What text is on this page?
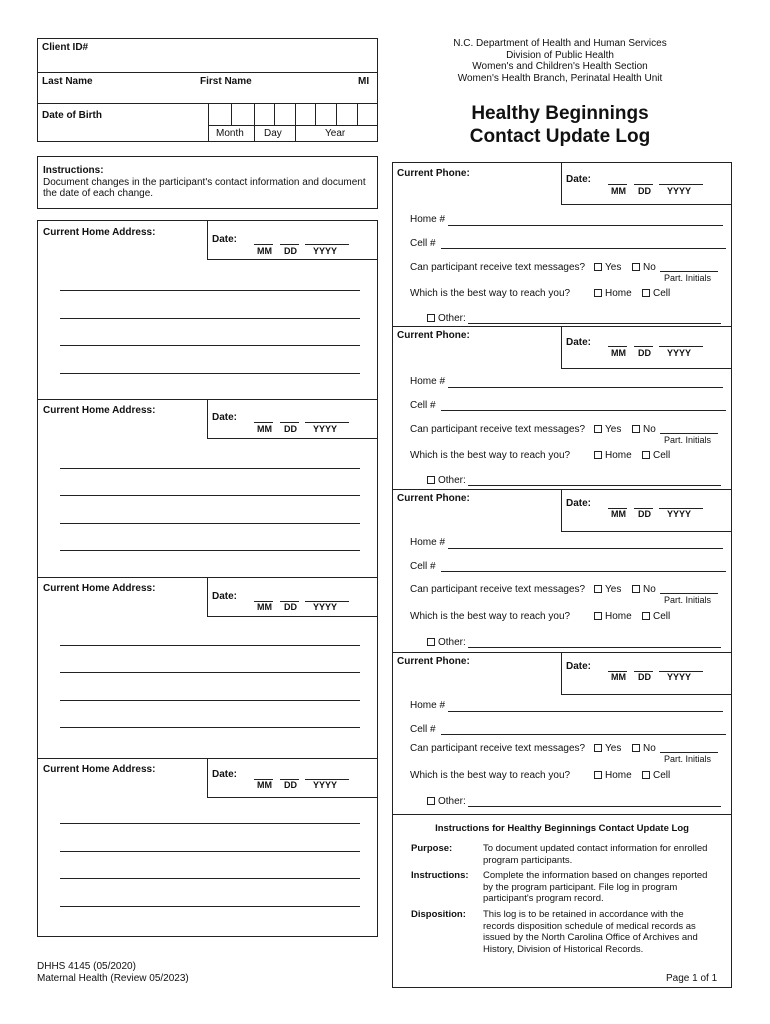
Client ID#
Last Name	First Name	MI
Date of Birth
Month Day	Year
N.C. Department of Health and Human Services
Division of Public Health
Women's and Children's Health Section
Women's Health Branch, Perinatal Health Unit
Healthy Beginnings
Contact Update Log
Instructions:
Document changes in the participant's contact information and document
the date of each change.
Current Home Address:
Date:
MM DD YYYY
Current Home Address:
Date:
MM DD YYYY
Current Home Address:
Date:
MM DD YYYY
Current Home Address:	Date:
MM DD YYYY
Current Phone:
Date:
MM DD YYYY
Home #
Cell #
Can participant receive text messages?	Yes	No
Part. Initials
Which is the best way to reach you?	Home	Cell
Other:
Current Phone:
Date:
MM DD YYYY
Home #
Cell #
Can participant receive text messages?	Yes	No
Part. Initials
Which is the best way to reach you?	Home	Cell
Other:
Current Phone:	Date:
MM DD YYYY
Home #
Cell #
Can participant receive text messages?	Yes	No
Part. Initials
Which is the best way to reach you?	Home	Cell
Other:
Current Phone:	Date:
MM DD YYYY
Home #
Cell #
Can participant receive text messages?	Yes	No
Part. Initials
Which is the best way to reach you?	Home	Cell
Other:
Instructions for Healthy Beginnings Contact Update Log
Purpose:	To document updated contact information for enrolled
program participants.
Instructions: Complete the information based on changes reported
by the program participant. File log in program
participant's program record.
Disposition: This log is to be retained in accordance with the
records disposition schedule of medical records as
issued by the North Carolina Office of Archives and
History, Division of Historical Records.
Page 1 of 1
DHHS 4145 (05/2020)
Maternal Health (Review 05/2023)
